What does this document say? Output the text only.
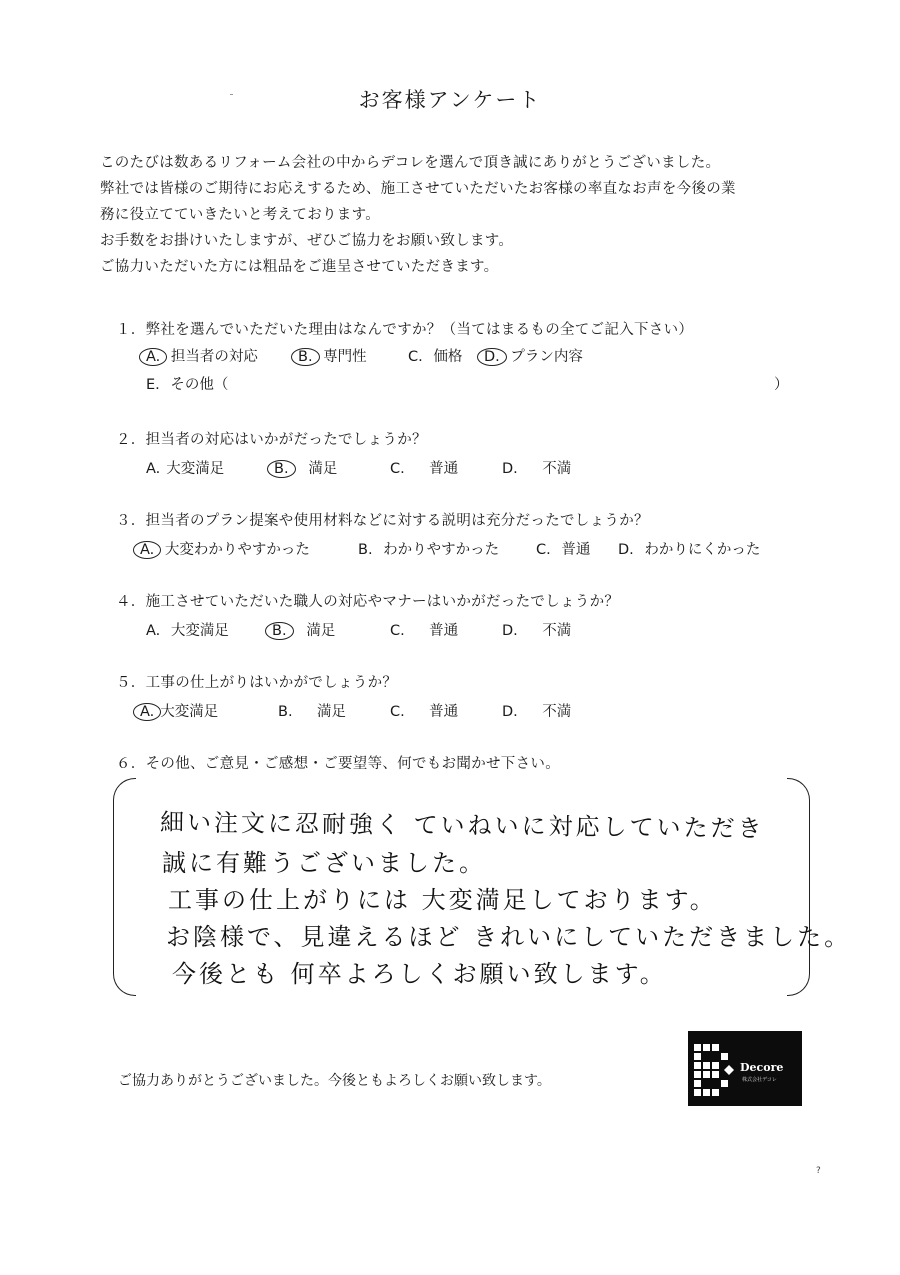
お客様アンケート
このたびは数あるリフォーム会社の中からデコレを選んで頂き誠にありがとうございました。
弊社では皆様のご期待にお応えするため、施工させていただいたお客様の率直なお声を今後の業
務に役立てていきたいと考えております。
お手数をお掛けいたしますが、ぜひご協力をお願い致します。
ご協力いただいた方には粗品をご進呈させていただきます。
１．弊社を選んでいただいた理由はなんですか？（当てはまるもの全てご記入下さい）
A. 担当者の対応	B. 専門性	C. 価格	D. プラン内容
E. その他（	）
２．担当者の対応はいかがだったでしょうか？
A. 大変満足	B. 満足	C. 普通	D. 不満
３．担当者のプラン提案や使用材料などに対する説明は充分だったでしょうか？
A. 大変わかりやすかった	B. わかりやすかった	C. 普通	D. わかりにくかった
４．施工させていただいた職人の対応やマナーはいかがだったでしょうか？
A. 大変満足	B. 満足	C. 普通	D. 不満
５．工事の仕上がりはいかがでしょうか？
A. 大変満足	B. 満足	C. 普通	D. 不満
６．その他、ご意見・ご感想・ご要望等、何でもお聞かせ下さい。
細い注文に忍耐強く ていねいに対応していただき
誠に有難うございました。
工事の仕上がりには 大変満足しております。
お陰様で、見違えるほど きれいにしていただきました。
今後とも 何卒よろしくお願い致します。
ご協力ありがとうございました。今後ともよろしくお願い致します。
Decore
株式会社デコレ
?
